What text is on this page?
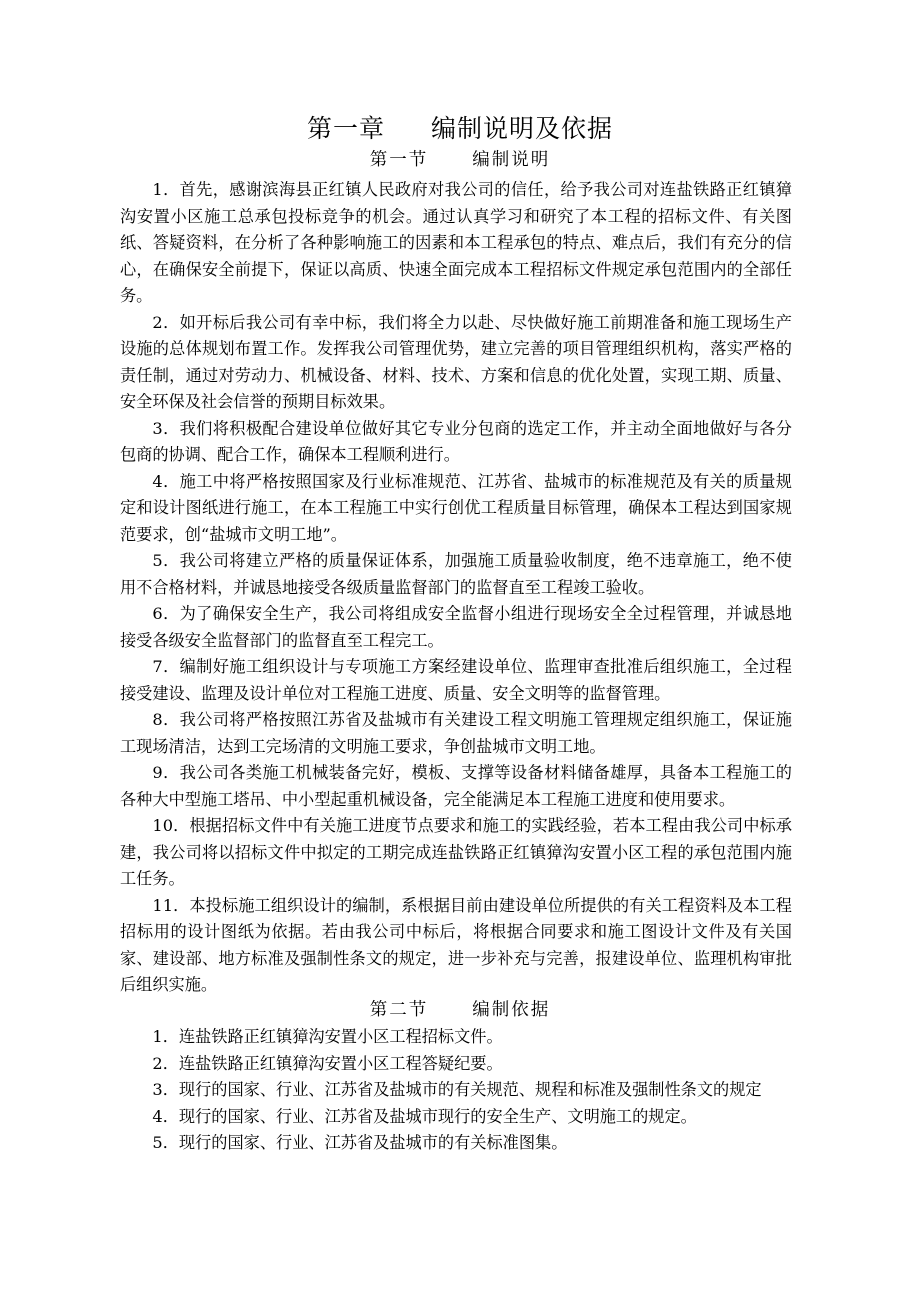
第一章 编制说明及依据
第一节	编制说明

1．首先，感谢滨海县正红镇人民政府对我公司的信任，给予我公司对连盐铁路正红镇獐沟安置小区施工总承包投标竞争的机会。通过认真学习和研究了本工程的招标文件、有关图纸、答疑资料，在分析了各种影响施工的因素和本工程承包的特点、难点后，我们有充分的信心，在确保安全前提下，保证以高质、快速全面完成本工程招标文件规定承包范围内的全部任务。

2．如开标后我公司有幸中标，我们将全力以赴、尽快做好施工前期准备和施工现场生产设施的总体规划布置工作。发挥我公司管理优势，建立完善的项目管理组织机构，落实严格的责任制，通过对劳动力、机械设备、材料、技术、方案和信息的优化处置，实现工期、质量、安全环保及社会信誉的预期目标效果。

3．我们将积极配合建设单位做好其它专业分包商的选定工作，并主动全面地做好与各分包商的协调、配合工作，确保本工程顺利进行。

4．施工中将严格按照国家及行业标准规范、江苏省、盐城市的标准规范及有关的质量规定和设计图纸进行施工，在本工程施工中实行创优工程质量目标管理，确保本工程达到国家规范要求，创“盐城市文明工地”。

5．我公司将建立严格的质量保证体系，加强施工质量验收制度，绝不违章施工，绝不使用不合格材料，并诚恳地接受各级质量监督部门的监督直至工程竣工验收。

6．为了确保安全生产，我公司将组成安全监督小组进行现场安全全过程管理，并诚恳地接受各级安全监督部门的监督直至工程完工。

7．编制好施工组织设计与专项施工方案经建设单位、监理审查批准后组织施工，全过程接受建设、监理及设计单位对工程施工进度、质量、安全文明等的监督管理。

8．我公司将严格按照江苏省及盐城市有关建设工程文明施工管理规定组织施工，保证施工现场清洁，达到工完场清的文明施工要求，争创盐城市文明工地。

9．我公司各类施工机械装备完好，模板、支撑等设备材料储备雄厚，具备本工程施工的各种大中型施工塔吊、中小型起重机械设备，完全能满足本工程施工进度和使用要求。

10．根据招标文件中有关施工进度节点要求和施工的实践经验，若本工程由我公司中标承建，我公司将以招标文件中拟定的工期完成连盐铁路正红镇獐沟安置小区工程的承包范围内施工任务。

11．本投标施工组织设计的编制，系根据目前由建设单位所提供的有关工程资料及本工程招标用的设计图纸为依据。若由我公司中标后，将根据合同要求和施工图设计文件及有关国家、建设部、地方标准及强制性条文的规定，进一步补充与完善，报建设单位、监理机构审批后组织实施。

第二节	编制依据

1．连盐铁路正红镇獐沟安置小区工程招标文件。

2．连盐铁路正红镇獐沟安置小区工程答疑纪要。

3．现行的国家、行业、江苏省及盐城市的有关规范、规程和标准及强制性条文的规定

4．现行的国家、行业、江苏省及盐城市现行的安全生产、文明施工的规定。

5．现行的国家、行业、江苏省及盐城市的有关标准图集。
